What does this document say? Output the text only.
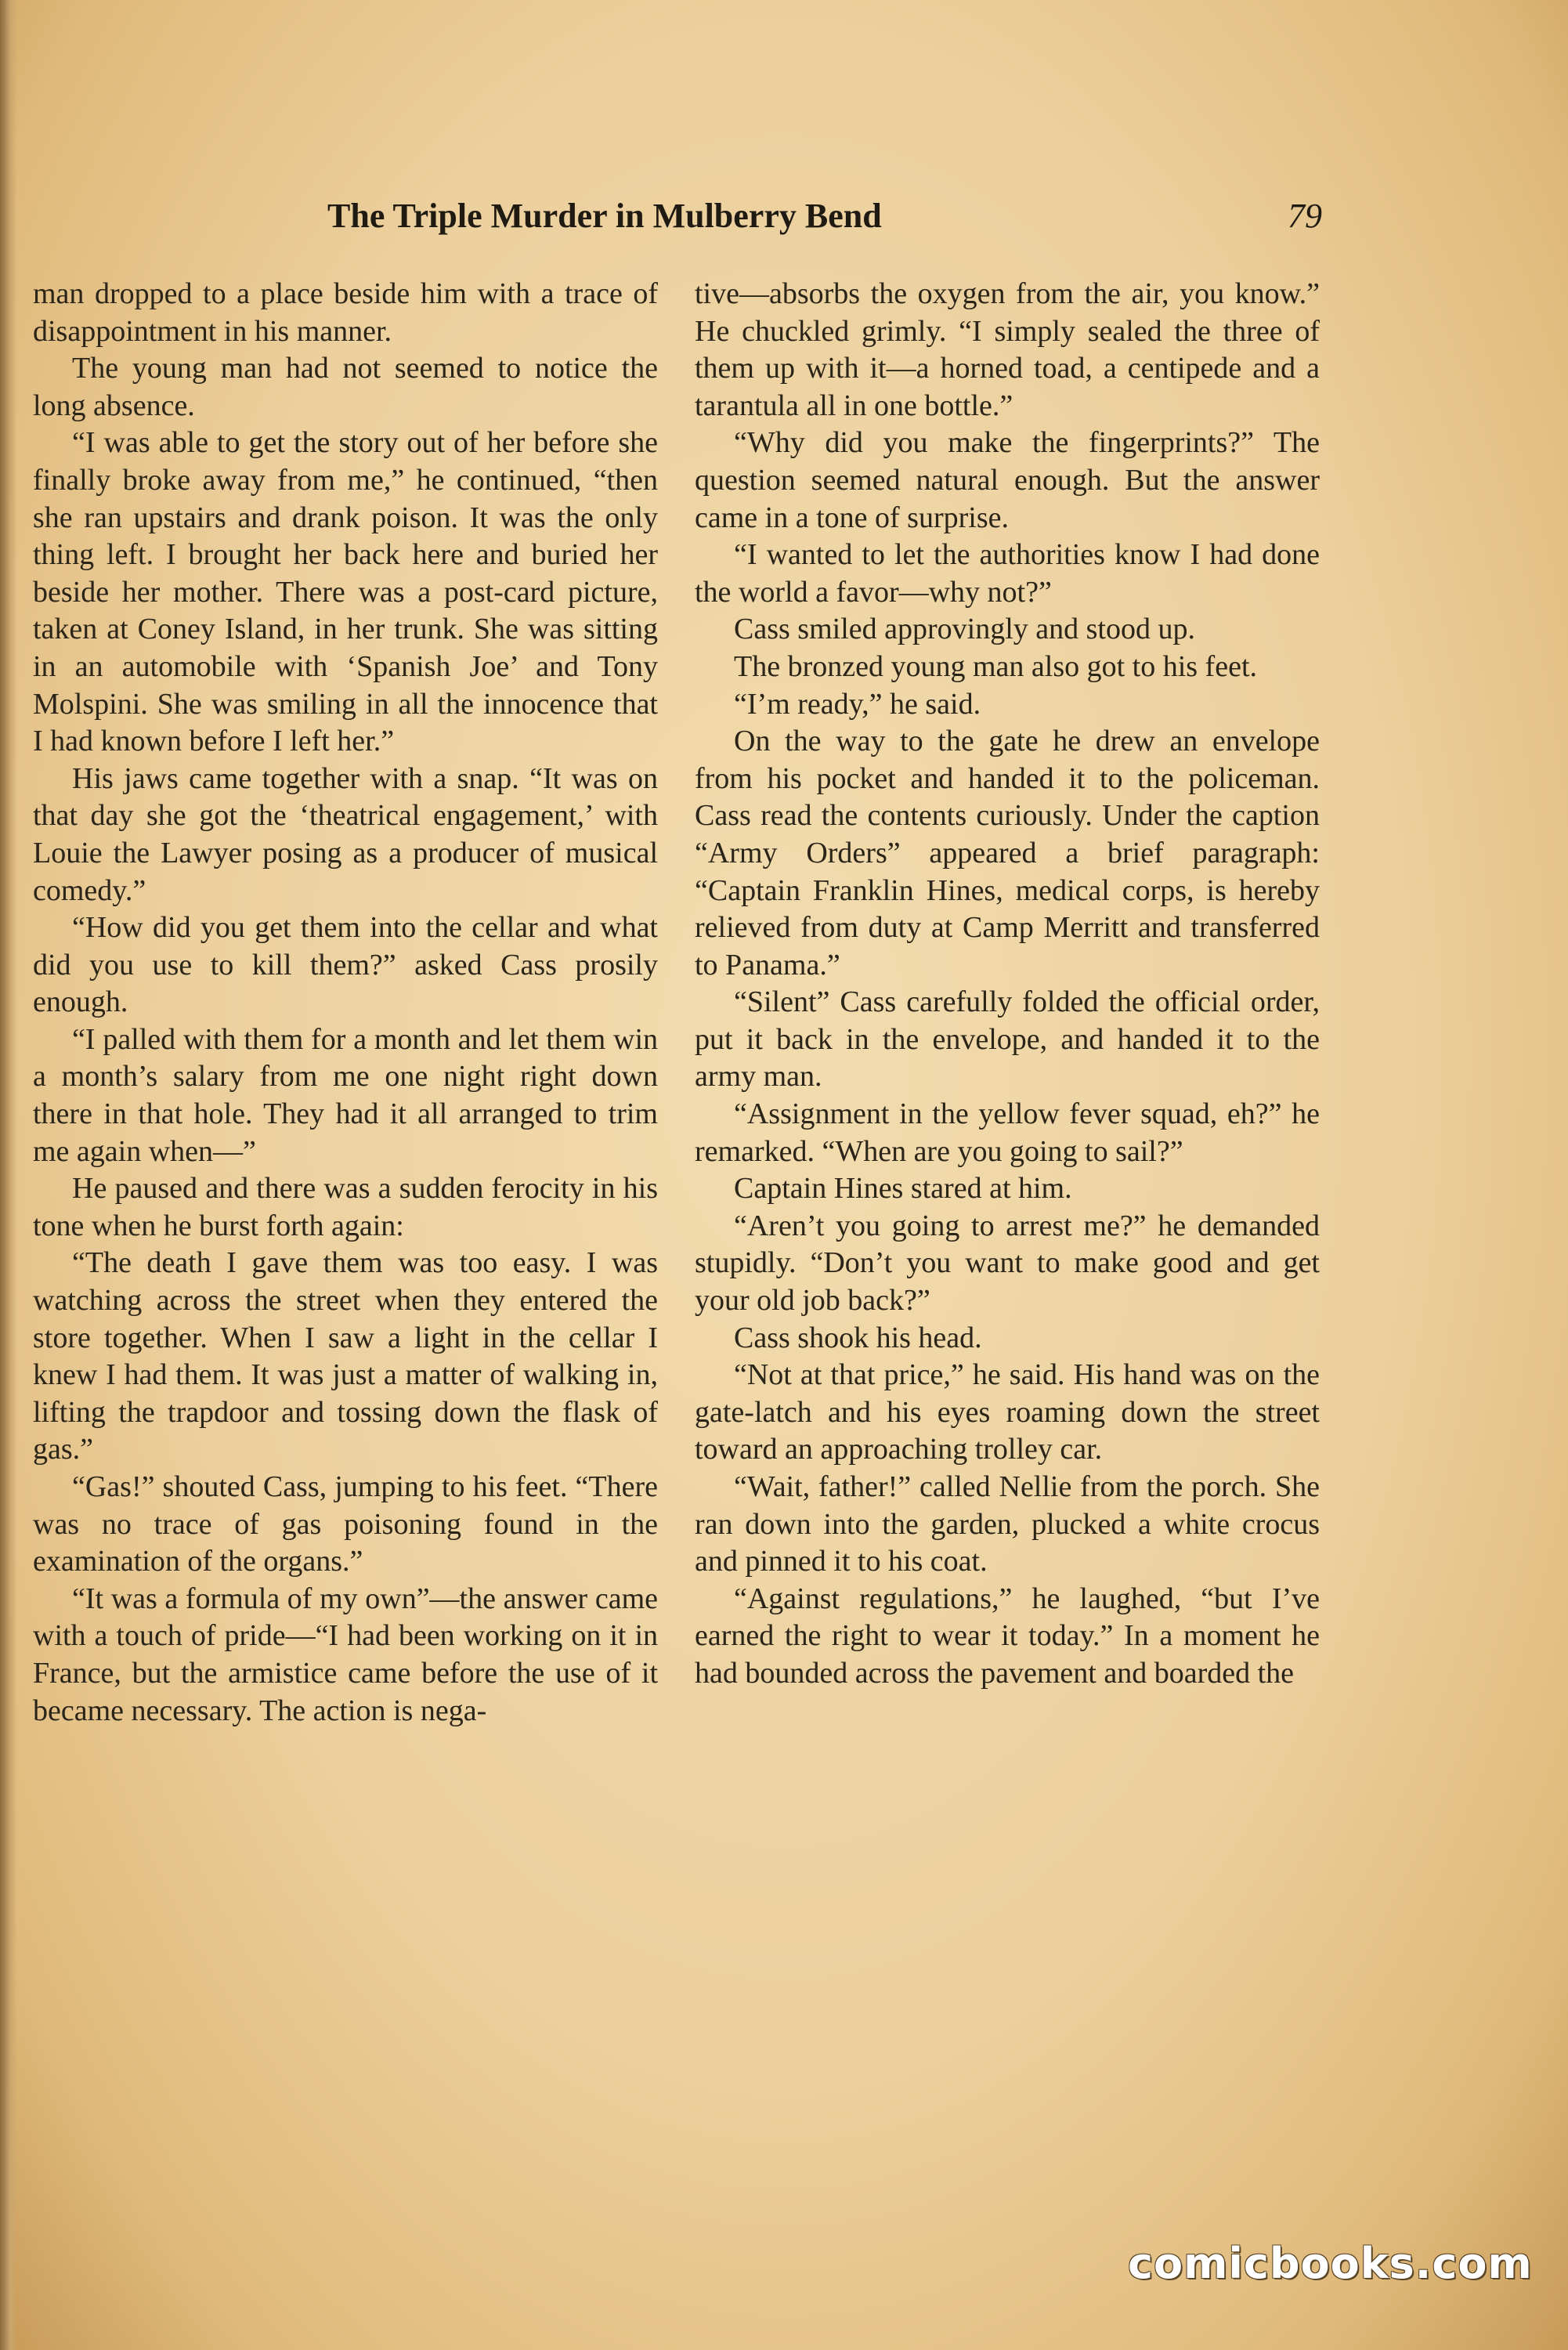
The Triple Murder in Mulberry Bend	79

man dropped to a place beside him with a trace of disappointment in his manner.

The young man had not seemed to notice the long absence.

“I was able to get the story out of her before she finally broke away from me,” he continued, “then she ran upstairs and drank poison. It was the only thing left. I brought her back here and buried her beside her mother. There was a post-card picture, taken at Coney Island, in her trunk. She was sitting in an automobile with ‘Spanish Joe’ and Tony Molspini. She was smiling in all the innocence that I had known before I left her.”

His jaws came together with a snap. “It was on that day she got the ‘theatrical engagement,’ with Louie the Lawyer posing as a producer of musical comedy.”

“How did you get them into the cellar and what did you use to kill them?” asked Cass prosily enough.

“I palled with them for a month and let them win a month’s salary from me one night right down there in that hole. They had it all arranged to trim me again when—”

He paused and there was a sudden ferocity in his tone when he burst forth again:

“The death I gave them was too easy. I was watching across the street when they entered the store together. When I saw a light in the cellar I knew I had them. It was just a matter of walking in, lifting the trapdoor and tossing down the flask of gas.”

“Gas!” shouted Cass, jumping to his feet. “There was no trace of gas poisoning found in the examination of the organs.”

“It was a formula of my own”—the answer came with a touch of pride—“I had been working on it in France, but the armistice came before the use of it became necessary. The action is nega-

tive—absorbs the oxygen from the air, you know.” He chuckled grimly. “I simply sealed the three of them up with it—a horned toad, a centipede and a tarantula all in one bottle.”

“Why did you make the fingerprints?” The question seemed natural enough. But the answer came in a tone of surprise.

“I wanted to let the authorities know I had done the world a favor—why not?”

Cass smiled approvingly and stood up.

The bronzed young man also got to his feet.

“I’m ready,” he said.

On the way to the gate he drew an envelope from his pocket and handed it to the policeman. Cass read the contents curiously. Under the caption “Army Orders” appeared a brief paragraph: “Captain Franklin Hines, medical corps, is hereby relieved from duty at Camp Merritt and transferred to Panama.”

“Silent” Cass carefully folded the official order, put it back in the envelope, and handed it to the army man.

“Assignment in the yellow fever squad, eh?” he remarked. “When are you going to sail?”

Captain Hines stared at him.

“Aren’t you going to arrest me?” he demanded stupidly. “Don’t you want to make good and get your old job back?”

Cass shook his head.

“Not at that price,” he said. His hand was on the gate-latch and his eyes roaming down the street toward an approaching trolley car.

“Wait, father!” called Nellie from the porch. She ran down into the garden, plucked a white crocus and pinned it to his coat.

“Against regulations,” he laughed, “but I’ve earned the right to wear it today.” In a moment he had bounded across the pavement and boarded the

comicbooks.com
